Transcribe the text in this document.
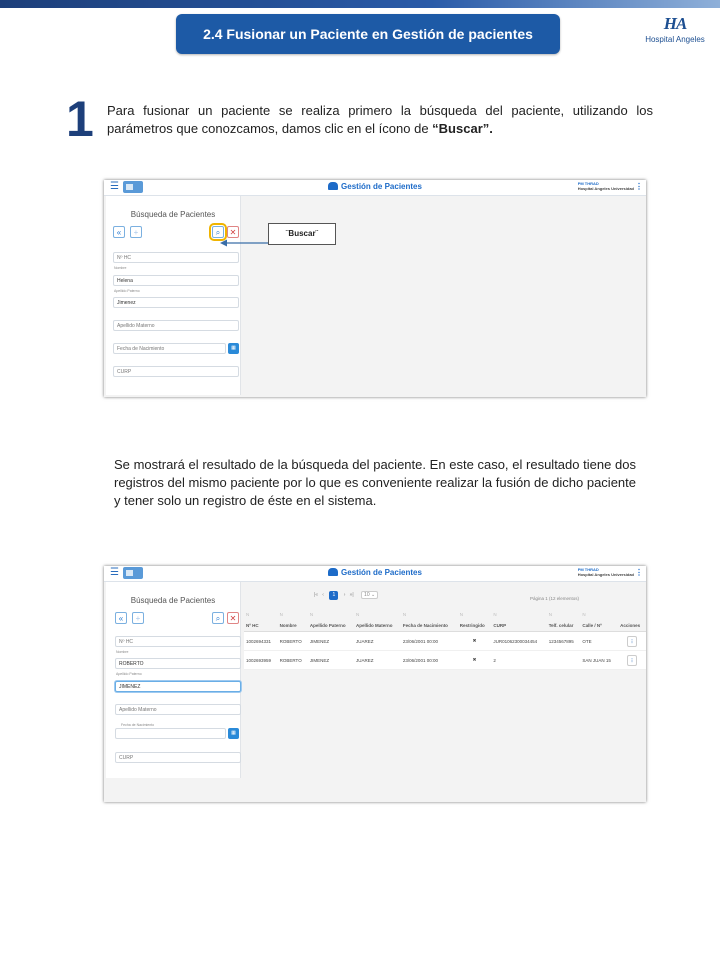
2.4 Fusionar un Paciente en Gestión de pacientes
HA
Hospital Angeles
1 Para fusionar un paciente se realiza primero la búsqueda del paciente, utilizando los parámetros que conozcamos, damos clic en el ícono de “Buscar”.
☰	Gestión de Pacientes	PM THRAD
Hospital Angeles Universidad ⋮
Búsqueda de Pacientes
«	+	⌕	✕
Nº HC
Nombre
Helena
Apellido Paterno
Jimenez
Apellido Materno
Fecha de Nacimiento	▦
CURP
¨Buscar¨
Se mostrará el resultado de la búsqueda del paciente. En este caso, el resultado tiene dos registros del mismo paciente por lo que es conveniente realizar la fusión de dicho paciente y tener solo un registro de éste en el sistema.
☰	Gestión de Pacientes	PM THRAD
Hospital Angeles Universidad ⋮
Búsqueda de Pacientes
«	+	⌕	✕
Nº HC
Nombre
ROBERTO
Apellido Paterno
JIMENEZ
Apellido Materno
Fecha de Nacimiento
▦
CURP
|« ‹ 1 › »| 10 ⌄
Página 1 (12 elementos)
N	N	N	N	N	N	N	N	N	
Nº HC	Nombre	Apellido Paterno	Apellido Materno	Fecha de Nacimiento	Restringido	CURP	Telf. celular	Calle / Nº	Acciones
1002694331	ROBERTO	JIMENEZ	JUAREZ	23/06/2001 00:00	✖	JUR01062300034454	1234567895	OTE	⋮
1002693959	ROBERTO	JIMENEZ	JUAREZ	23/06/2001 00:00	✖	2		SAN JUAN 15	⋮
